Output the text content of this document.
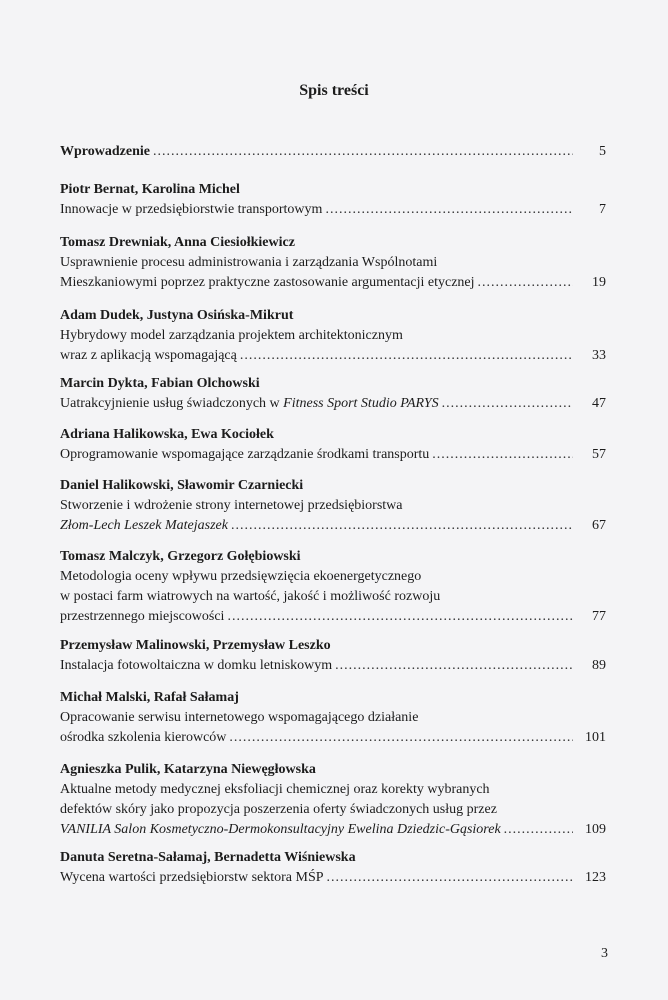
Spis treści
Wprowadzenie .....	5
Piotr Bernat, Karolina Michel
Innowacje w przedsiębiorstwie transportowym .....	7
Tomasz Drewniak, Anna Ciesiołkiewicz
Usprawnienie procesu administrowania i zarządzania Wspólnotami
Mieszkaniowymi poprzez praktyczne zastosowanie argumentacji etycznej .....	19
Adam Dudek, Justyna Osińska-Mikrut
Hybrydowy model zarządzania projektem architektonicznym
wraz z aplikacją wspomagającą .....	33
Marcin Dykta, Fabian Olchowski
Uatrakcyjnienie usług świadczonych w Fitness Sport Studio PARYS .....	47
Adriana Halikowska, Ewa Kociołek
Oprogramowanie wspomagające zarządzanie środkami transportu .....	57
Daniel Halikowski, Sławomir Czarniecki
Stworzenie i wdrożenie strony internetowej przedsiębiorstwa
Złom-Lech Leszek Matejaszek .....	67
Tomasz Malczyk, Grzegorz Gołębiowski
Metodologia oceny wpływu przedsięwzięcia ekoenergetycznego
w postaci farm wiatrowych na wartość, jakość i możliwość rozwoju
przestrzennego miejscowości .....	77
Przemysław Malinowski, Przemysław Leszko
Instalacja fotowoltaiczna w domku letniskowym .....	89
Michał Malski, Rafał Sałamaj
Opracowanie serwisu internetowego wspomagającego działanie
ośrodka szkolenia kierowców .....	101
Agnieszka Pulik, Katarzyna Niewęgłowska
Aktualne metody medycznej eksfoliacji chemicznej oraz korekty wybranych
defektów skóry jako propozycja poszerzenia oferty świadczonych usług przez
VANILIA Salon Kosmetyczno-Dermokonsultacyjny Ewelina Dziedzic-Gąsiorek .....	109
Danuta Seretna-Sałamaj, Bernadetta Wiśniewska
Wycena wartości przedsiębiorstw sektora MŚP .....	123
3
